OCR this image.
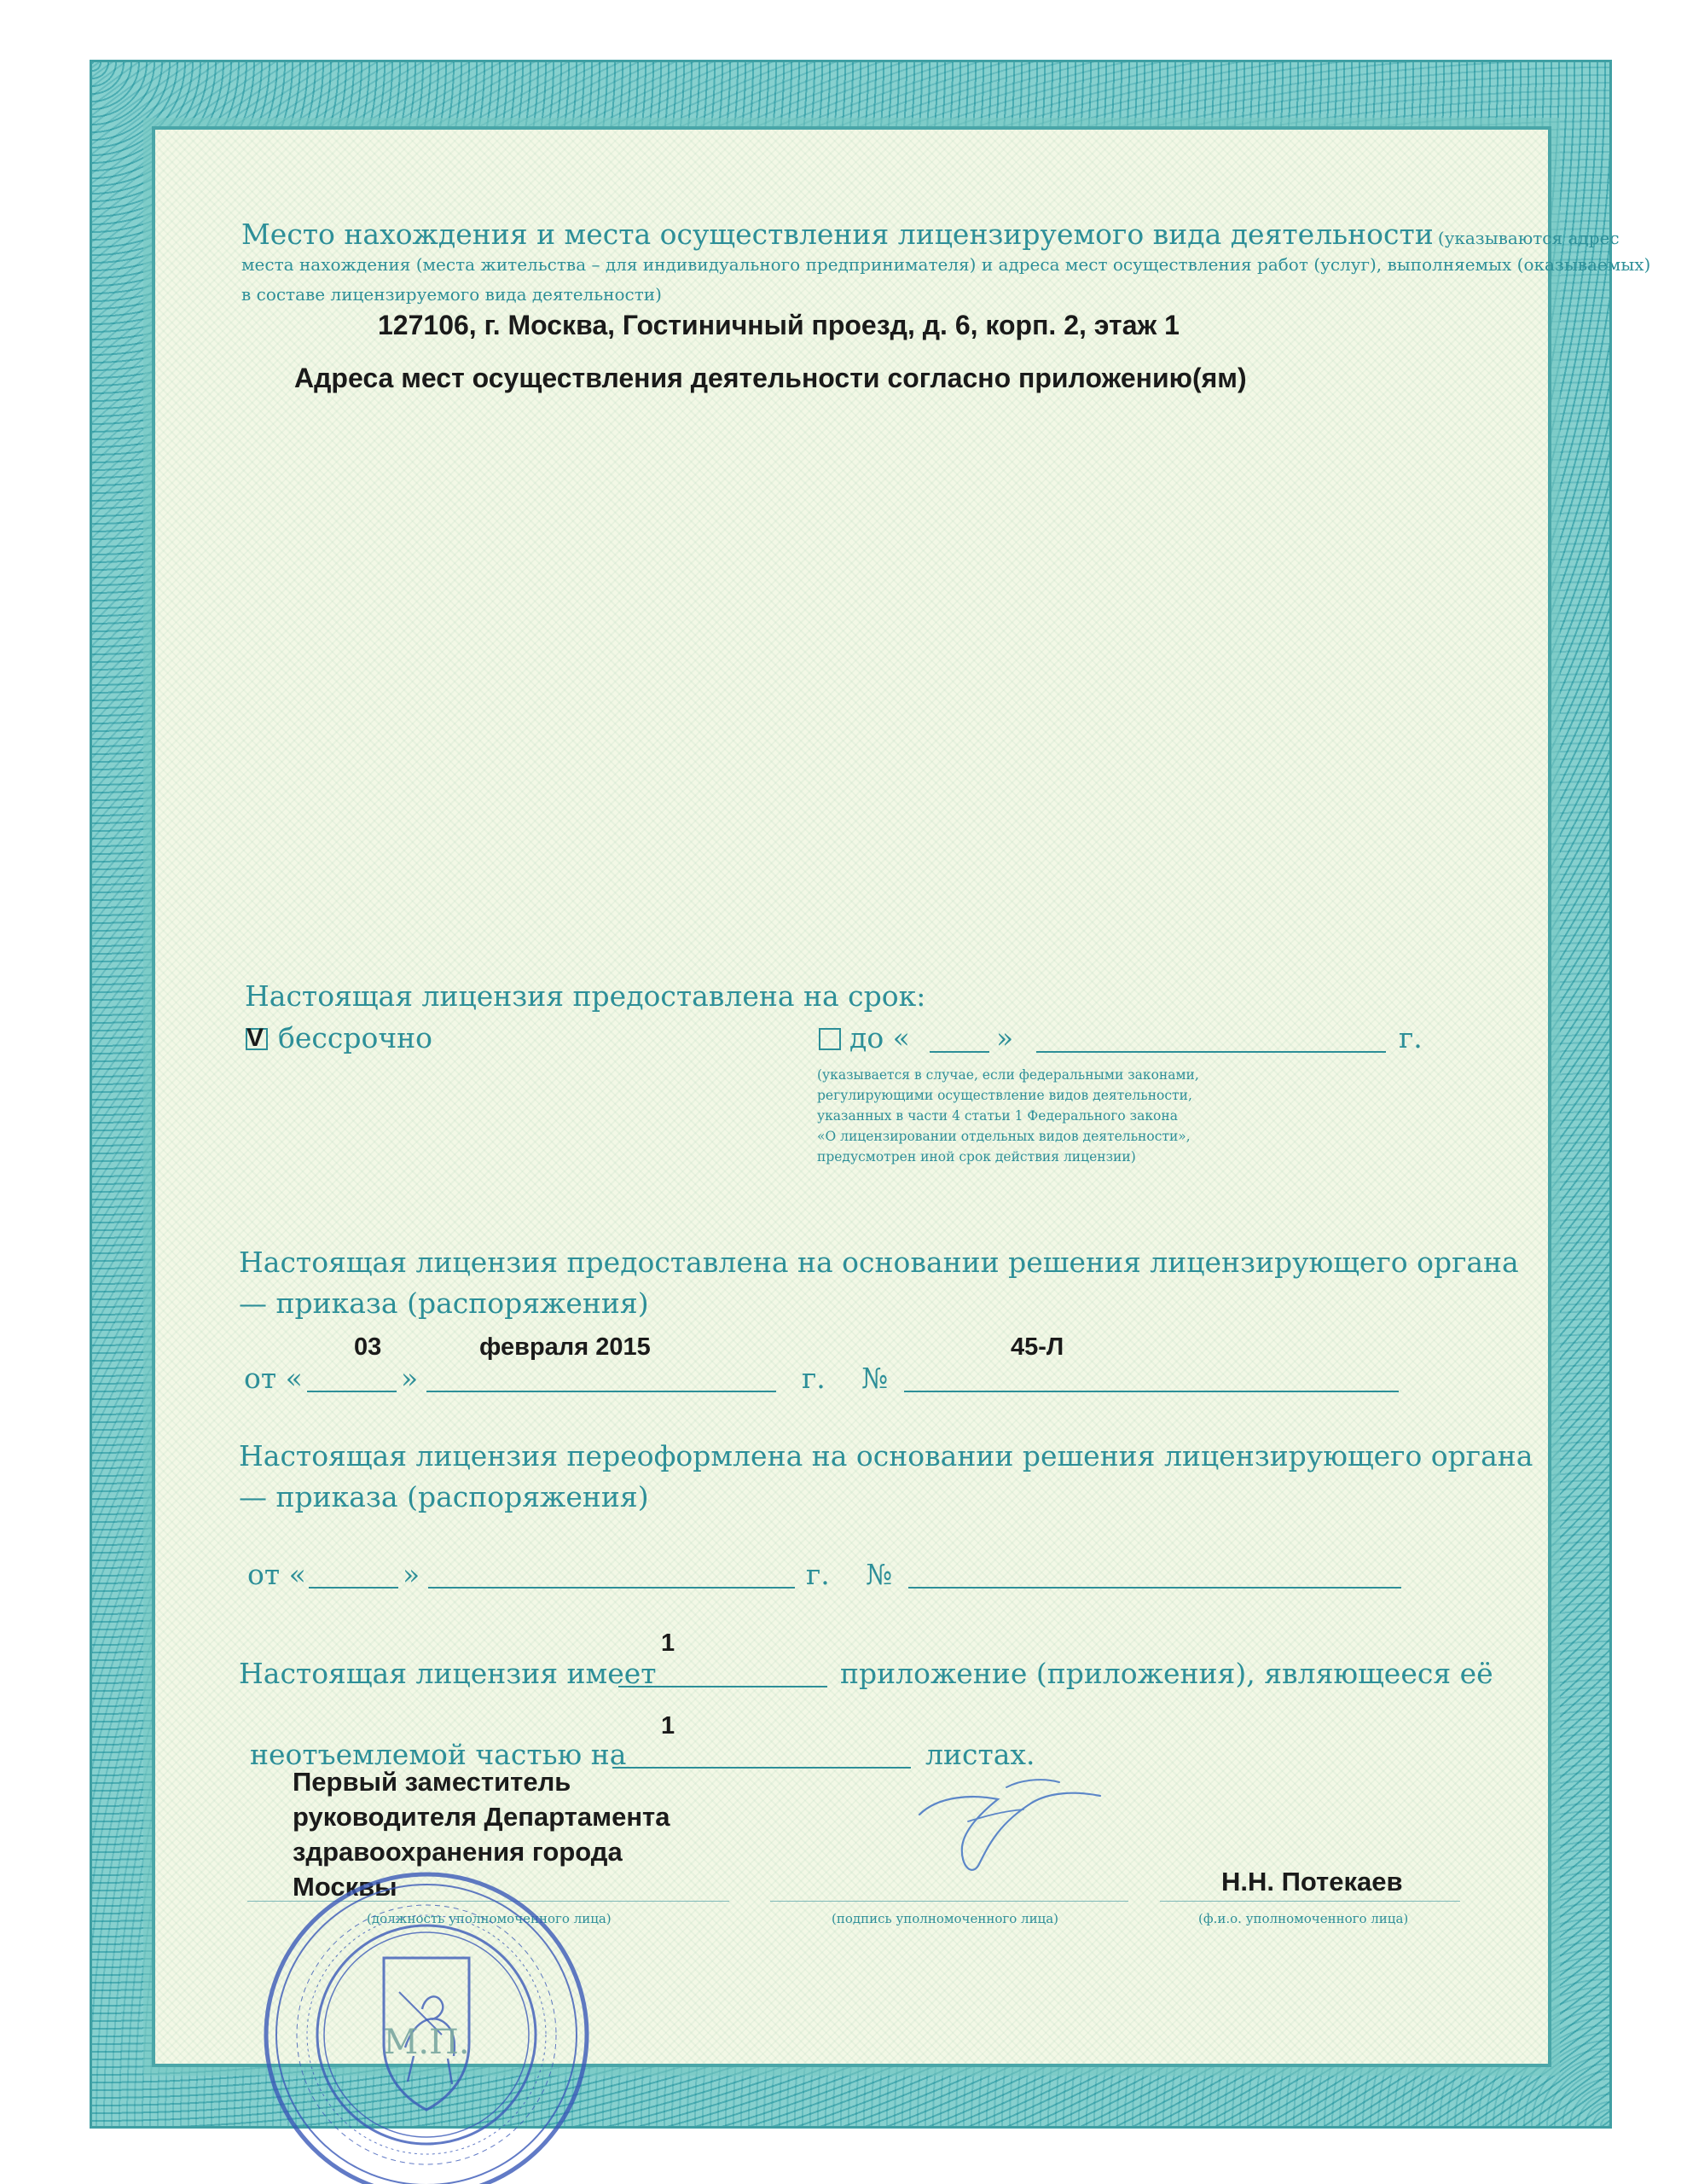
Место нахождения и места осуществления лицензируемого вида деятельности (указываются адрес
места нахождения (места жительства – для индивидуального предпринимателя) и адреса мест осуществления работ (услуг), выполняемых (оказываемых)
в составе лицензируемого вида деятельности)
127106, г. Москва, Гостиничный проезд, д. 6, корп. 2, этаж 1
Адреса мест осуществления деятельности согласно приложению(ям)
Настоящая лицензия предоставлена на срок:
V бессрочно	до «	»	г.
(указывается в случае, если федеральными законами,
регулирующими осуществление видов деятельности,
указанных в части 4 статьи 1 Федерального закона
«О лицензировании отдельных видов деятельности»,
предусмотрен иной срок действия лицензии)
Настоящая лицензия предоставлена на основании решения лицензирующего органа
— приказа (распоряжения)
03	февраля 2015	45-Л
от «	»	г. №
Настоящая лицензия переоформлена на основании решения лицензирующего органа
— приказа (распоряжения)
от «	»	г. №
1
Настоящая лицензия имеет	приложение (приложения), являющееся её
1
неотъемлемой частью на	листах.
Первый заместитель
руководителя Департамента
здравоохранения города
Москвы	Н.Н. Потекаев
(должность уполномоченного лица)	(подпись уполномоченного лица)	(ф.и.о. уполномоченного лица)
М.П.
